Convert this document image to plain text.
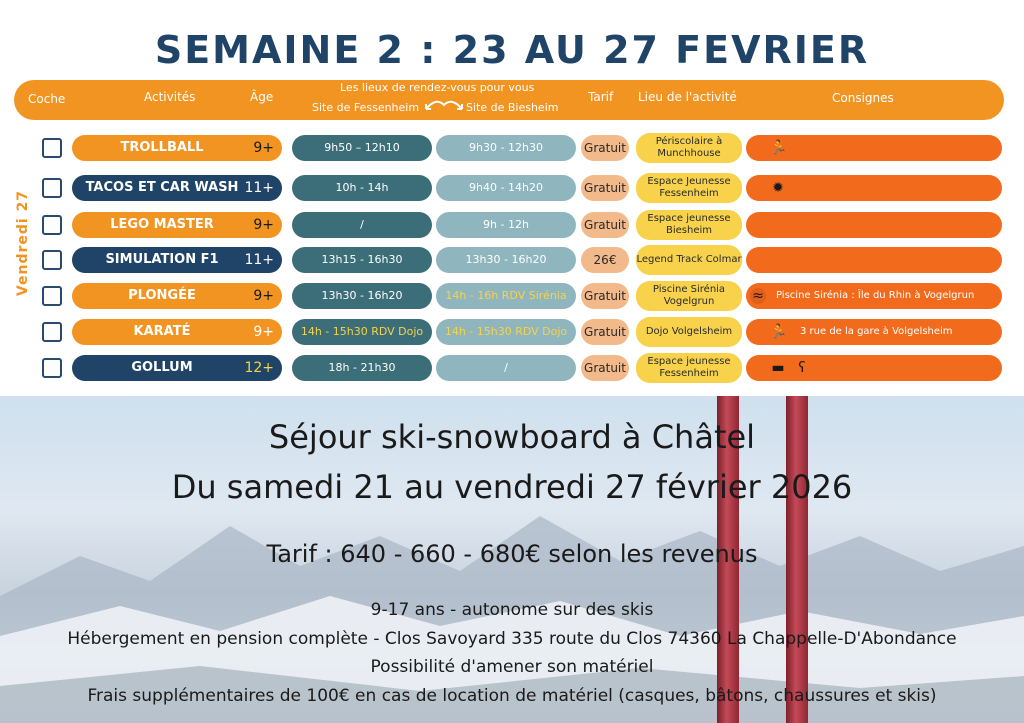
SEMAINE 2 : 23 AU 27 FEVRIER
Coche	Activités	Âge
Les lieux de rendez-vous pour vous
Site de Fessenheim	Site de Biesheim
Tarif Lieu de l'activité	Consignes
Vendredi 27
TROLLBALL	9+	9h50 – 12h10	9h30 - 12h30	Gratuit	Périscolaire à Munchhouse	🏃
TACOS ET CAR WASH 11+	10h - 14h	9h40 - 14h20	Gratuit	Espace Jeunesse Fessenheim	✹
LEGO MASTER	9+	/	9h - 12h	Gratuit	Espace jeunesse Biesheim
SIMULATION F1	11+	13h15 - 16h30	13h30 - 16h20	26€	Legend Track Colmar
PLONGÉE	9+	13h30 - 16h20	14h - 16h RDV Sirénia	Gratuit	Piscine Sirénia Vogelgrun	≈ Piscine Sirénia : Île du Rhin à Vogelgrun
KARATÉ	9+	14h - 15h30 RDV Dojo	14h - 15h30 RDV Dojo	Gratuit	Dojo Volgelsheim	🏃 3 rue de la gare à Volgelsheim
GOLLUM	12+	18h - 21h30	/	Gratuit	Espace jeunesse Fessenheim	▬ ʕ
Séjour ski-snowboard à Châtel
Du samedi 21 au vendredi 27 février 2026
Tarif : 640 - 660 - 680€ selon les revenus
9-17 ans - autonome sur des skis
Hébergement en pension complète - Clos Savoyard 335 route du Clos 74360 La Chappelle-D'Abondance
Possibilité d'amener son matériel
Frais supplémentaires de 100€ en cas de location de matériel (casques, bâtons, chaussures et skis)
